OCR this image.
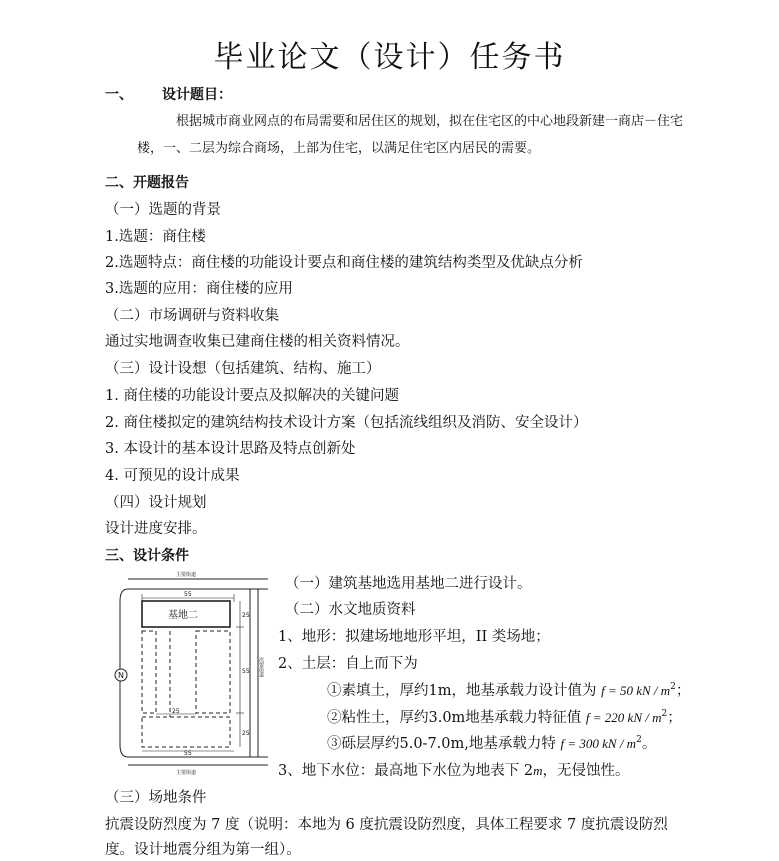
毕业论文（设计）任务书
一、 设计题目：
根据城市商业网点的布局需要和居住区的规划，拟在住宅区的中心地段新建一商店－住宅
楼，一、二层为综合商场，上部为住宅，以满足住宅区内居民的需要。
二、开题报告
（一）选题的背景
1.选题：商住楼
2.选题特点：商住楼的功能设计要点和商住楼的建筑结构类型及优缺点分析
3.选题的应用：商住楼的应用
（二）市场调研与资料收集
通过实地调查收集已建商住楼的相关资料情况。
（三）设计设想（包括建筑、结构、施工）
1. 商住楼的功能设计要点及拟解决的关键问题
2. 商住楼拟定的建筑结构技术设计方案（包括流线组织及消防、安全设计）
3. 本设计的基本设计思路及特点创新处
4. 可预见的设计成果
（四）设计规划
设计进度安排。
三、设计条件
N
主要街道
主要街道
次要街道
55
基地二	25
55
25
25
55
（一）建筑基地选用基地二进行设计。
（二）水文地质资料
1、地形：拟建场地地形平坦，II 类场地；
2、土层：自上而下为
①素填土，厚约1m，地基承载力设计值为 f = 50 kN / $m^2$；
②粘性土，厚约3.0m地基承载力特征值 f = 220 kN / $m^2$；
③砾层厚约5.0-7.0m,地基承载力特 f = 300 kN / $m^2$。
3、地下水位：最高地下水位为地表下 2m，无侵蚀性。
（三）场地条件
抗震设防烈度为 7 度（说明：本地为 6 度抗震设防烈度，具体工程要求 7 度抗震设防烈
度。设计地震分组为第一组）。
